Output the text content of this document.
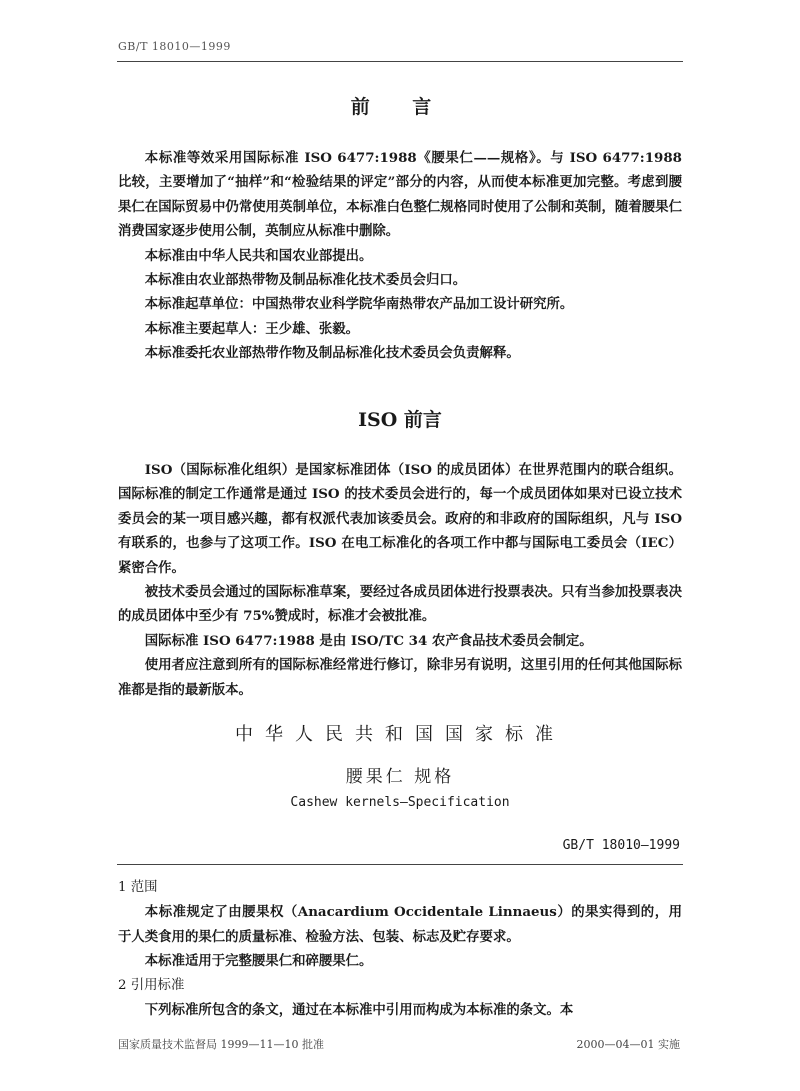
GB/T 18010—1999
前 言

本标准等效采用国际标准 ISO 6477:1988《腰果仁——规格》。与 ISO 6477:1988 比较，主要增加了“抽样”和“检验结果的评定”部分的内容，从而使本标准更加完整。考虑到腰果仁在国际贸易中仍常使用英制单位，本标准白色整仁规格同时使用了公制和英制，随着腰果仁消费国家逐步使用公制，英制应从标准中删除。

本标准由中华人民共和国农业部提出。

本标准由农业部热带物及制品标准化技术委员会归口。

本标准起草单位：中国热带农业科学院华南热带农产品加工设计研究所。

本标准主要起草人：王少雄、张毅。

本标准委托农业部热带作物及制品标准化技术委员会负责解释。

ISO 前言

ISO（国际标准化组织）是国家标准团体（ISO 的成员团体）在世界范围内的联合组织。国际标准的制定工作通常是通过 ISO 的技术委员会进行的，每一个成员团体如果对已设立技术委员会的某一项目感兴趣，都有权派代表加该委员会。政府的和非政府的国际组织，凡与 ISO 有联系的，也参与了这项工作。ISO 在电工标准化的各项工作中都与国际电工委员会（IEC）紧密合作。

被技术委员会通过的国际标准草案，要经过各成员团体进行投票表决。只有当参加投票表决的成员团体中至少有 75%赞成时，标准才会被批准。

国际标准 ISO 6477:1988 是由 ISO/TC 34 农产食品技术委员会制定。

使用者应注意到所有的国际标准经常进行修订，除非另有说明，这里引用的任何其他国际标准都是指的最新版本。

中华人民共和国国家标准
腰果仁 规格
Cashew kernels—Specification
GB/T 18010—1999

1 范围

本标准规定了由腰果权（Anacardium Occidentale Linnaeus）的果实得到的，用于人类食用的果仁的质量标准、检验方法、包装、标志及贮存要求。

本标准适用于完整腰果仁和碎腰果仁。

2 引用标准

下列标准所包含的条文，通过在本标准中引用而构成为本标准的条文。本

国家质量技术监督局 1999—11—10 批准	2000—04—01 实施
